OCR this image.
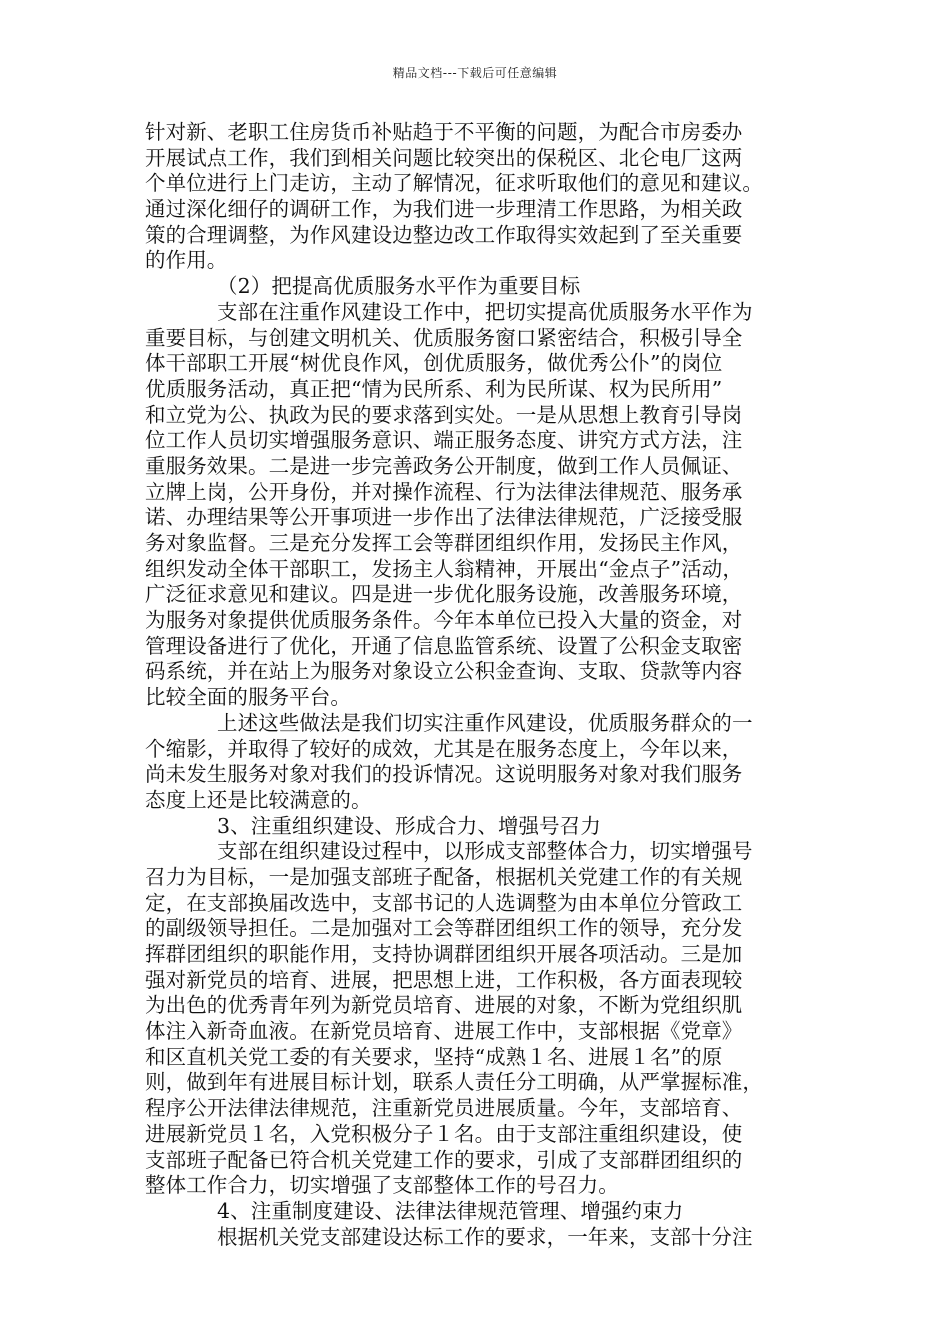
精品文档---下载后可任意编辑
针对新、老职工住房货币补贴趋于不平衡的问题，为配合市房委办
开展试点工作，我们到相关问题比较突出的保税区、北仑电厂这两
个单位进行上门走访，主动了解情况，征求听取他们的意见和建议。
通过深化细仔的调研工作，为我们进一步理清工作思路，为相关政
策的合理调整，为作风建设边整边改工作取得实效起到了至关重要
的作用。
（2）把提高优质服务水平作为重要目标
支部在注重作风建设工作中，把切实提高优质服务水平作为
重要目标，与创建文明机关、优质服务窗口紧密结合，积极引导全
体干部职工开展“树优良作风，创优质服务，做优秀公仆”的岗位
优质服务活动，真正把“情为民所系、利为民所谋、权为民所用”
和立党为公、执政为民的要求落到实处。一是从思想上教育引导岗
位工作人员切实增强服务意识、端正服务态度、讲究方式方法，注
重服务效果。二是进一步完善政务公开制度，做到工作人员佩证、
立牌上岗，公开身份，并对操作流程、行为法律法律规范、服务承
诺、办理结果等公开事项进一步作出了法律法律规范，广泛接受服
务对象监督。三是充分发挥工会等群团组织作用，发扬民主作风，
组织发动全体干部职工，发扬主人翁精神，开展出“金点子”活动，
广泛征求意见和建议。四是进一步优化服务设施，改善服务环境，
为服务对象提供优质服务条件。今年本单位已投入大量的资金，对
管理设备进行了优化，开通了信息监管系统、设置了公积金支取密
码系统，并在站上为服务对象设立公积金查询、支取、贷款等内容
比较全面的服务平台。
上述这些做法是我们切实注重作风建设，优质服务群众的一
个缩影，并取得了较好的成效，尤其是在服务态度上，今年以来，
尚未发生服务对象对我们的投诉情况。这说明服务对象对我们服务
态度上还是比较满意的。
3、注重组织建设、形成合力、增强号召力
支部在组织建设过程中，以形成支部整体合力，切实增强号
召力为目标，一是加强支部班子配备，根据机关党建工作的有关规
定，在支部换届改选中，支部书记的人选调整为由本单位分管政工
的副级领导担任。二是加强对工会等群团组织工作的领导，充分发
挥群团组织的职能作用，支持协调群团组织开展各项活动。三是加
强对新党员的培育、进展，把思想上进，工作积极，各方面表现较
为出色的优秀青年列为新党员培育、进展的对象，不断为党组织肌
体注入新奇血液。在新党员培育、进展工作中，支部根据《党章》
和区直机关党工委的有关要求，坚持“成熟１名、进展１名”的原
则，做到年有进展目标计划，联系人责任分工明确，从严掌握标准，
程序公开法律法律规范，注重新党员进展质量。今年，支部培育、
进展新党员１名，入党积极分子１名。由于支部注重组织建设，使
支部班子配备已符合机关党建工作的要求，引成了支部群团组织的
整体工作合力，切实增强了支部整体工作的号召力。
4、注重制度建设、法律法律规范管理、增强约束力
根据机关党支部建设达标工作的要求，一年来，支部十分注
